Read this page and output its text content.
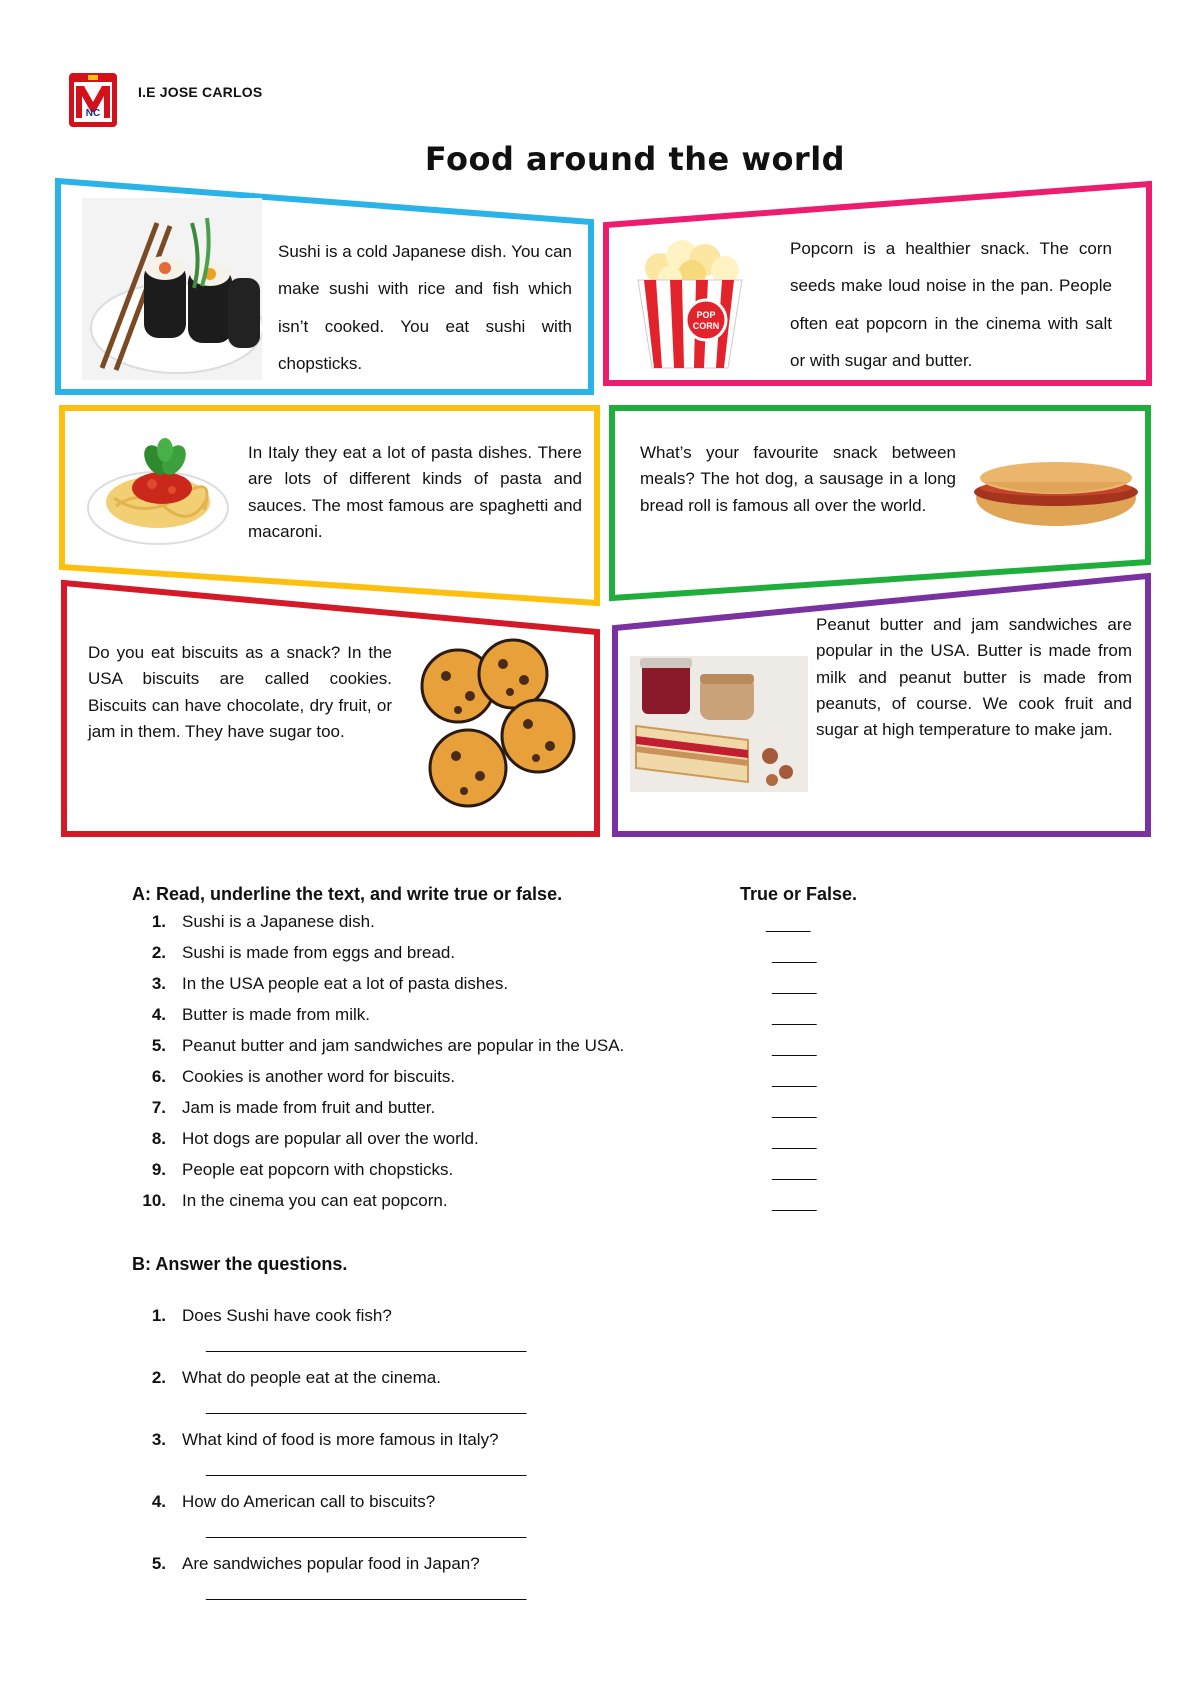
NC
I.E JOSE CARLOS
Food around the world
Sushi is a cold Japanese dish. You can make sushi with rice and fish which isn’t cooked. You eat sushi with chopsticks.
POP
CORN
Popcorn is a healthier snack. The corn seeds make loud noise in the pan. People often eat popcorn in the cinema with salt or with sugar and butter.
In Italy they eat a lot of pasta dishes. There are lots of different kinds of pasta and sauces. The most famous are spaghetti and macaroni.
What’s your favourite snack between meals? The hot dog, a sausage in a long bread roll is famous all over the world.
Do you eat biscuits as a snack? In the USA biscuits are called cookies. Biscuits can have chocolate, dry fruit, or jam in them. They have sugar too.
Peanut butter and jam sandwiches are popular in the USA. Butter is made from milk and peanut butter is made from peanuts, of course. We cook fruit and sugar at high temperature to make jam.
A: Read, underline the text, and write true or false.	True or False.
1. Sushi is a Japanese dish.
2. Sushi is made from eggs and bread.
3. In the USA people eat a lot of pasta dishes.
4. Butter is made from milk.
5. Peanut butter and jam sandwiches are popular in the USA.
6. Cookies is another word for biscuits.
7. Jam is made from fruit and butter.
8. Hot dogs are popular all over the world.
9. People eat popcorn with chopsticks.
10. In the cinema you can eat popcorn.
_____
_____
_____
_____
_____
_____
_____
_____
_____
_____
B: Answer the questions.
1. Does Sushi have cook fish?
____________________________________
2. What do people eat at the cinema.
____________________________________
3. What kind of food is more famous in Italy?
____________________________________
4. How do American call to biscuits?
____________________________________
5. Are sandwiches popular food in Japan?
____________________________________
